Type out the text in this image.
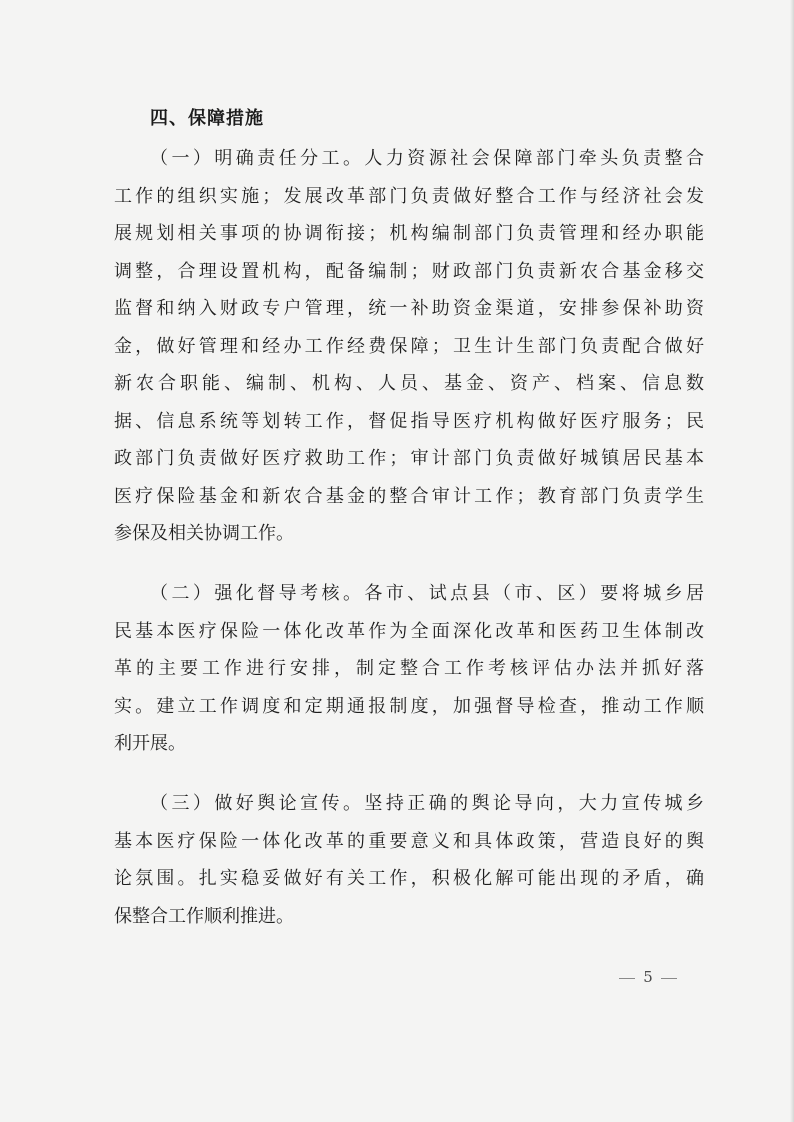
四、保障措施
（一）明确责任分工。人力资源社会保障部门牵头负责整合
工作的组织实施；发展改革部门负责做好整合工作与经济社会发
展规划相关事项的协调衔接；机构编制部门负责管理和经办职能
调整，合理设置机构，配备编制；财政部门负责新农合基金移交
监督和纳入财政专户管理，统一补助资金渠道，安排参保补助资
金，做好管理和经办工作经费保障；卫生计生部门负责配合做好
新农合职能、编制、机构、人员、基金、资产、档案、信息数
据、信息系统等划转工作，督促指导医疗机构做好医疗服务；民
政部门负责做好医疗救助工作；审计部门负责做好城镇居民基本
医疗保险基金和新农合基金的整合审计工作；教育部门负责学生
参保及相关协调工作。
（二）强化督导考核。各市、试点县（市、区）要将城乡居
民基本医疗保险一体化改革作为全面深化改革和医药卫生体制改
革的主要工作进行安排，制定整合工作考核评估办法并抓好落
实。建立工作调度和定期通报制度，加强督导检查，推动工作顺
利开展。
（三）做好舆论宣传。坚持正确的舆论导向，大力宣传城乡
基本医疗保险一体化改革的重要意义和具体政策，营造良好的舆
论氛围。扎实稳妥做好有关工作，积极化解可能出现的矛盾，确
保整合工作顺利推进。
5
